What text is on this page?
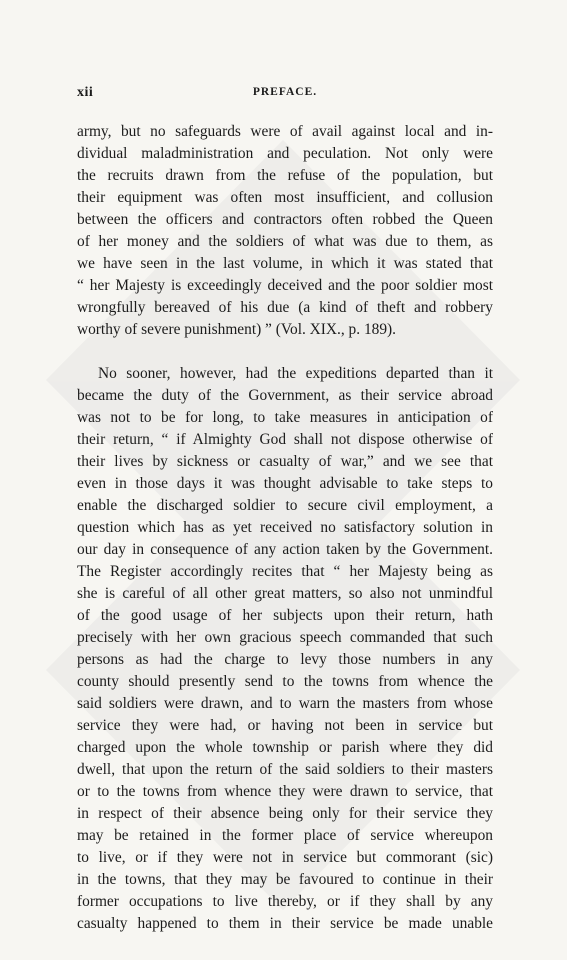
xii	PREFACE.
army, but no safeguards were of avail against local and in-
dividual maladministration and peculation. Not only were
the recruits drawn from the refuse of the population, but
their equipment was often most insufficient, and collusion
between the officers and contractors often robbed the Queen
of her money and the soldiers of what was due to them, as
we have seen in the last volume, in which it was stated that
“ her Majesty is exceedingly deceived and the poor soldier most
wrongfully bereaved of his due (a kind of theft and robbery
worthy of severe punishment) ” (Vol. XIX., p. 189).
No sooner, however, had the expeditions departed than it
became the duty of the Government, as their service abroad
was not to be for long, to take measures in anticipation of
their return, “ if Almighty God shall not dispose otherwise of
their lives by sickness or casualty of war,” and we see that
even in those days it was thought advisable to take steps to
enable the discharged soldier to secure civil employment, a
question which has as yet received no satisfactory solution in
our day in consequence of any action taken by the Government.
The Register accordingly recites that “ her Majesty being as
she is careful of all other great matters, so also not unmindful
of the good usage of her subjects upon their return, hath
precisely with her own gracious speech commanded that such
persons as had the charge to levy those numbers in any
county should presently send to the towns from whence the
said soldiers were drawn, and to warn the masters from whose
service they were had, or having not been in service but
charged upon the whole township or parish where they did
dwell, that upon the return of the said soldiers to their masters
or to the towns from whence they were drawn to service, that
in respect of their absence being only for their service they
may be retained in the former place of service whereupon
to live, or if they were not in service but commorant (sic)
in the towns, that they may be favoured to continue in their
former occupations to live thereby, or if they shall by any
casualty happened to them in their service be made unable
